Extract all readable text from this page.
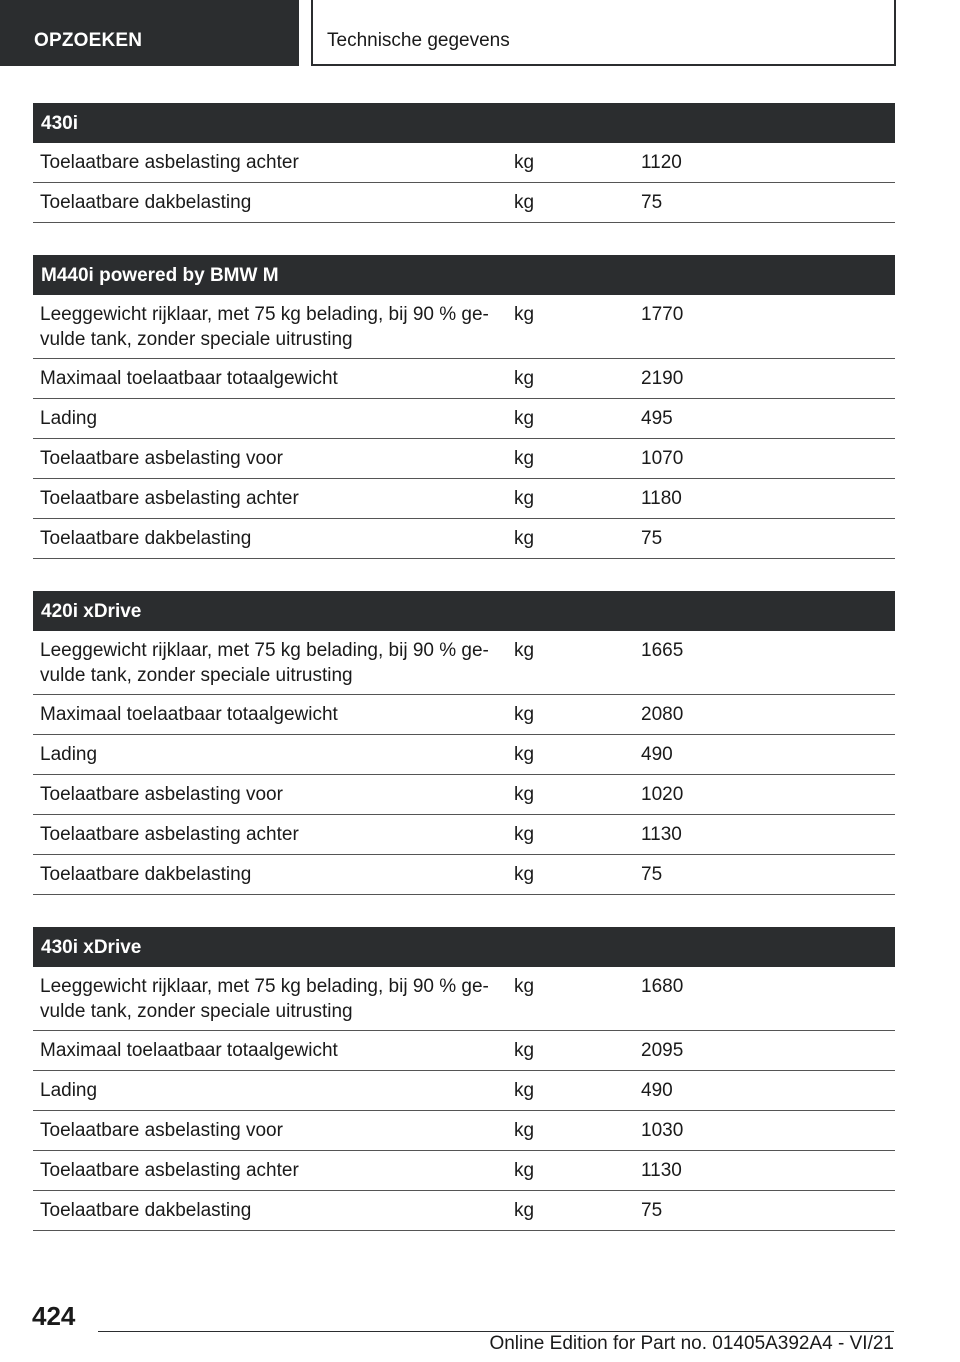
OPZOEKEN	Technische gegevens
430i
Toelaatbare asbelasting achter	kg	1120
Toelaatbare dakbelasting	kg	75
M440i powered by BMW M
Leeggewicht rijklaar, met 75 kg belading, bij 90 % ge-
vulde tank, zonder speciale uitrusting
kg	1770
Maximaal toelaatbaar totaalgewicht	kg	2190
Lading	kg	495
Toelaatbare asbelasting voor	kg	1070
Toelaatbare asbelasting achter	kg	1180
Toelaatbare dakbelasting	kg	75
420i xDrive
Leeggewicht rijklaar, met 75 kg belading, bij 90 % ge-
vulde tank, zonder speciale uitrusting
kg	1665
Maximaal toelaatbaar totaalgewicht	kg	2080
Lading	kg	490
Toelaatbare asbelasting voor	kg	1020
Toelaatbare asbelasting achter	kg	1130
Toelaatbare dakbelasting	kg	75
430i xDrive
Leeggewicht rijklaar, met 75 kg belading, bij 90 % ge-
vulde tank, zonder speciale uitrusting
kg	1680
Maximaal toelaatbaar totaalgewicht	kg	2095
Lading	kg	490
Toelaatbare asbelasting voor	kg	1030
Toelaatbare asbelasting achter	kg	1130
Toelaatbare dakbelasting	kg	75
424
Online Edition for Part no. 01405A392A4 - VI/21
